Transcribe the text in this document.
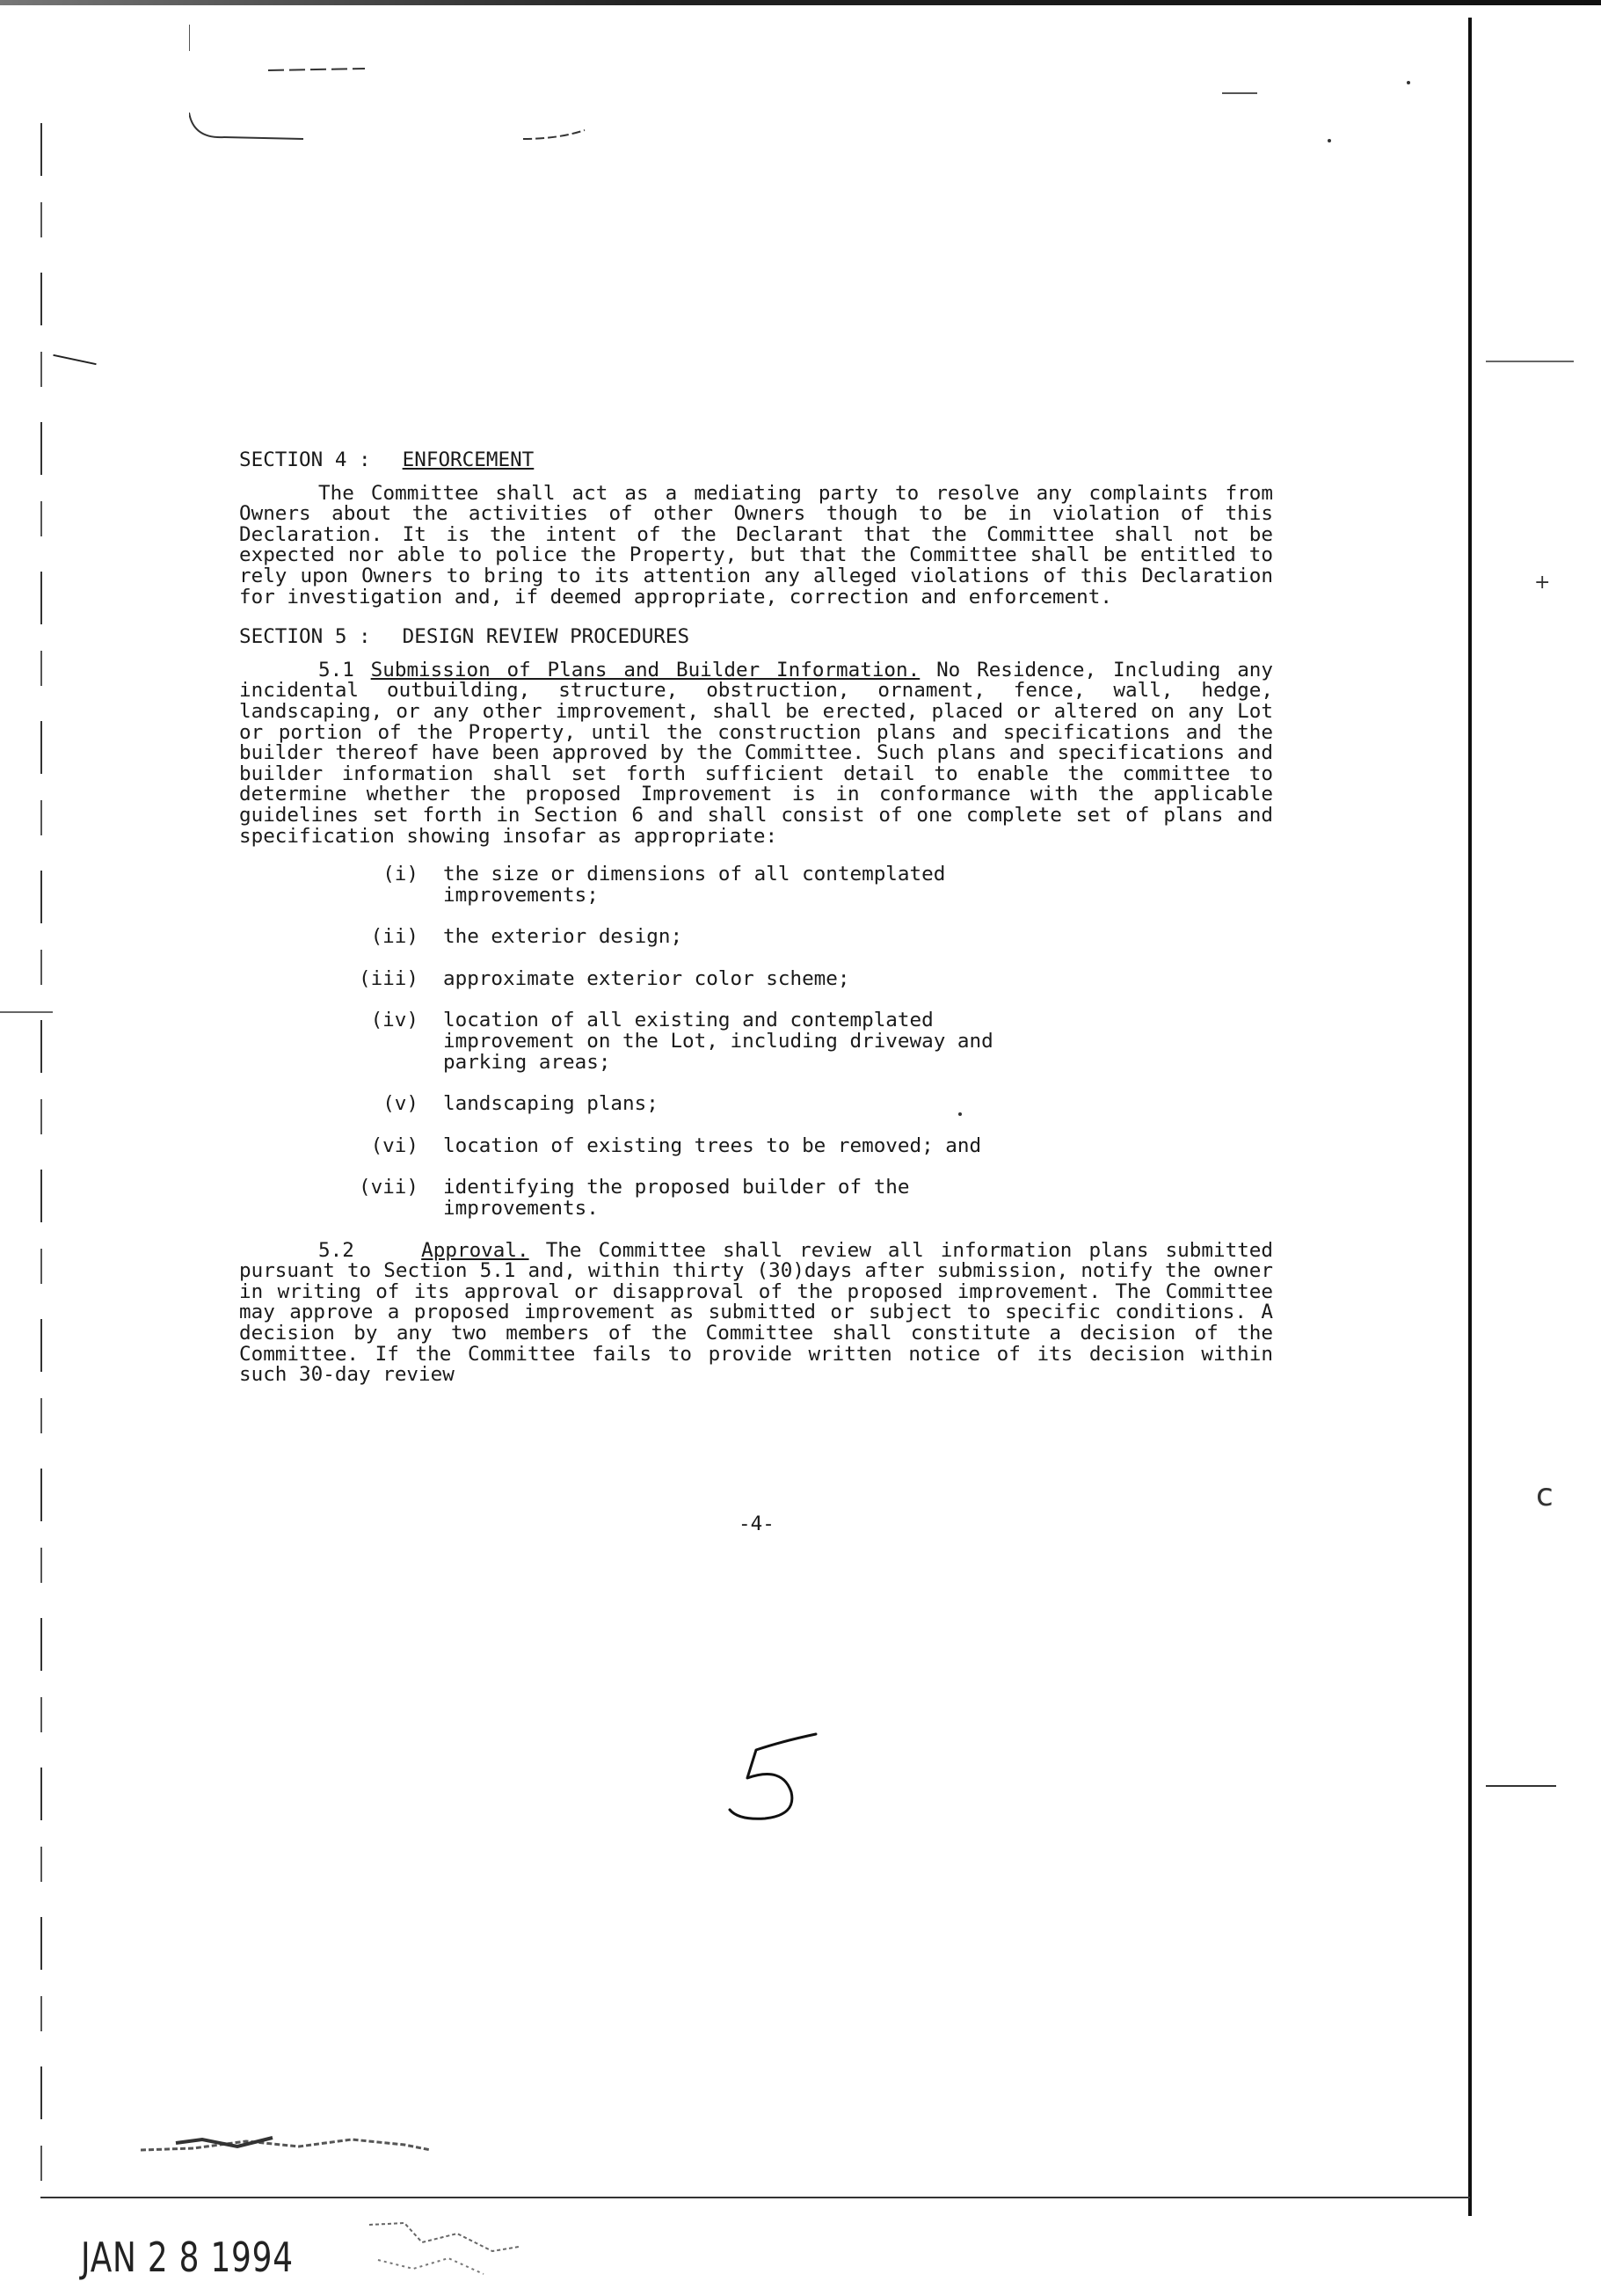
+
c

SECTION 4 : ENFORCEMENT

The Committee shall act as a mediating party to resolve any complaints from Owners about the activities of other Owners though to be in violation of this Declaration. It is the intent of the Declarant that the Committee shall not be expected nor able to police the Property, but that the Committee shall be entitled to rely upon Owners to bring to its attention any alleged violations of this Declaration for investigation and, if deemed appropriate, correction and enforcement.

SECTION 5 : DESIGN REVIEW PROCEDURES

5.1 Submission of Plans and Builder Information. No Residence, Including any incidental outbuilding, structure, obstruction, ornament, fence, wall, hedge, landscaping, or any other improvement, shall be erected, placed or altered on any Lot or portion of the Property, until the construction plans and specifications and the builder thereof have been approved by the Committee. Such plans and specifications and builder information shall set forth sufficient detail to enable the committee to determine whether the proposed Improvement is in conformance with the applicable guidelines set forth in Section 6 and shall consist of one complete set of plans and specification showing insofar as appropriate:

(i) the size or dimensions of all contemplated improvements;
(ii) the exterior design;
(iii) approximate exterior color scheme;
(iv) location of all existing and contemplated improvement on the Lot, including driveway and parking areas;
(v) landscaping plans;
(vi) location of existing trees to be removed; and
(vii) identifying the proposed builder of the improvements.

5.2	Approval. The Committee shall review all information plans submitted pursuant to Section 5.1 and, within thirty (30)days after submission, notify the owner in writing of its approval or disapproval of the proposed improvement. The Committee may approve a proposed improvement as submitted or subject to specific conditions. A decision by any two members of the Committee shall constitute a decision of the Committee. If the Committee fails to provide written notice of its decision within such 30-day review

-4-
JAN 2 8 1994
